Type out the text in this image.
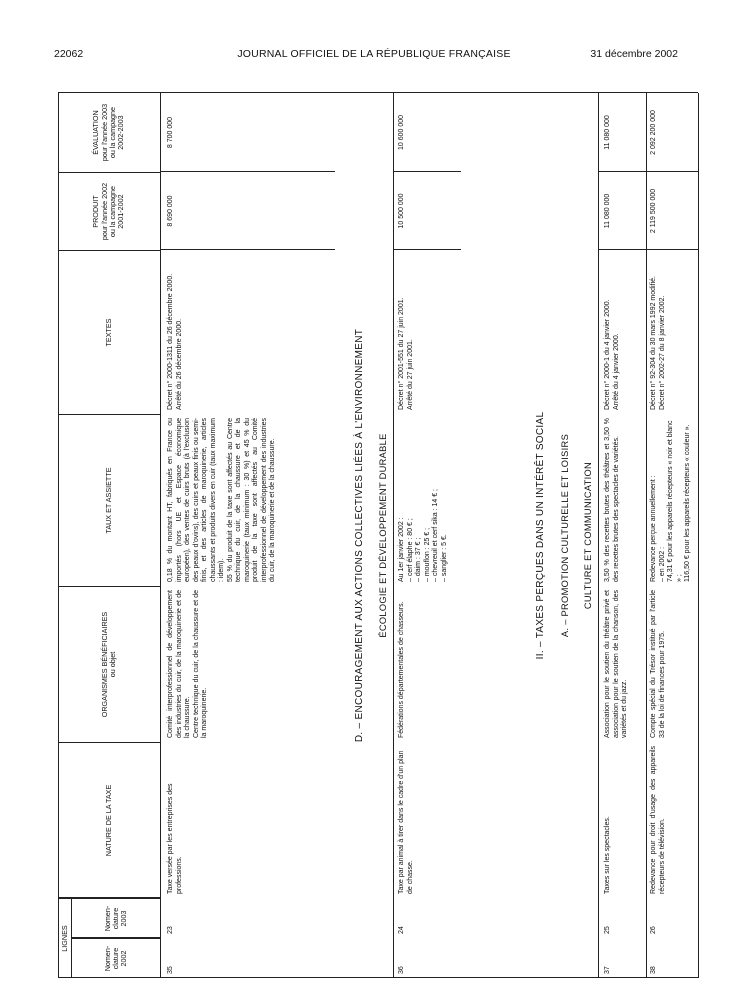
22062	JOURNAL OFFICIEL DE LA RÉPUBLIQUE FRANÇAISE	31 décembre 2002
LIGNES
Nomen-
clature
2002
Nomen-
clature
2003
NATURE DE LA TAXE
ORGANISMES BÉNÉFICIAIRES ou objet
TAUX ET ASSIETTE
TEXTES
PRODUIT
pour l'année 2002
ou la campagne
2001-2002
ÉVALUATION
pour l'année 2003
ou la campagne
2002-2003
35
23
Taxe versée par les entreprises des professions.
Comité interprofessionnel de développement des industries du cuir, de la maroquinerie et de la chaussure.
Centre technique du cuir, de la chaussure et de la maroquinerie.
0,18 % du montant HT, fabriqués en France ou importés (hors UE et Espace économique européen), des ventes de cuirs bruts (à l'exclusion des peaux d'ovins), des cuirs et peaux finis ou semi-finis, et des articles de maroquinerie, articles chaussants et produits divers en cuir (taux maximum : idem).
55 % du produit de la taxe sont affectés au Centre technique du cuir, de la chaussure et de la maroquinerie (taux minimum : 30 %) et 45 % du produit de la taxe sont affectés au Comité interprofessionnel de développement des industries du cuir, de la maroquinerie et de la chaussure.
Décret n° 2000-1311 du 26 décembre 2000.
Arrêté du 26 décembre 2000.
8 690 000
8 700 000
D. – ENCOURAGEMENT AUX ACTIONS COLLECTIVES LIÉES À L'ENVIRONNEMENT ÉCOLOGIE ET DÉVELOPPEMENT DURABLE
36
24
Taxe par animal à tirer dans le cadre d'un plan de chasse.
Fédérations départementales de chasseurs.
Au 1er janvier 2002 :
– cerf élaphe : 80 € ;
– daim : 37 € ;
– mouflon : 25 € ;
– chevreuil et cerf sika : 14 € ;
– sanglier : 5 €.
Décret n° 2001-551 du 27 juin 2001.
Arrêté du 27 juin 2001.
10 500 000
10 600 000
II. – TAXES PERÇUES DANS UN INTÉRÊT SOCIAL A. – PROMOTION CULTURELLE ET LOISIRS CULTURE ET COMMUNICATION
37
25
Taxes sur les spectacles.
Association pour le soutien du théâtre privé et association pour le soutien de la chanson, des variétés et du jazz.
3,50 % des recettes brutes des théâtres et 3,50 % des recettes brutes des spectacles de variétés.
Décret n° 2000-1 du 4 janvier 2000.
Arrêté du 4 janvier 2000.
11 080 000
11 080 000
38
26
Redevance pour droit d'usage des appareils récepteurs de télévision.
Compte spécial du Trésor institué par l'article 33 de la loi de finances pour 1975.
Redevance perçue annuellement :
– en 2002 :
74,31 € pour les appareils récepteurs « noir et blanc » ;
116,50 € pour les appareils récepteurs « couleur ».
Décret n° 92-304 du 30 mars 1992 modifié.
Décret n° 2002-27 du 8 janvier 2002.
2 119 500 000
2 092 200 000
